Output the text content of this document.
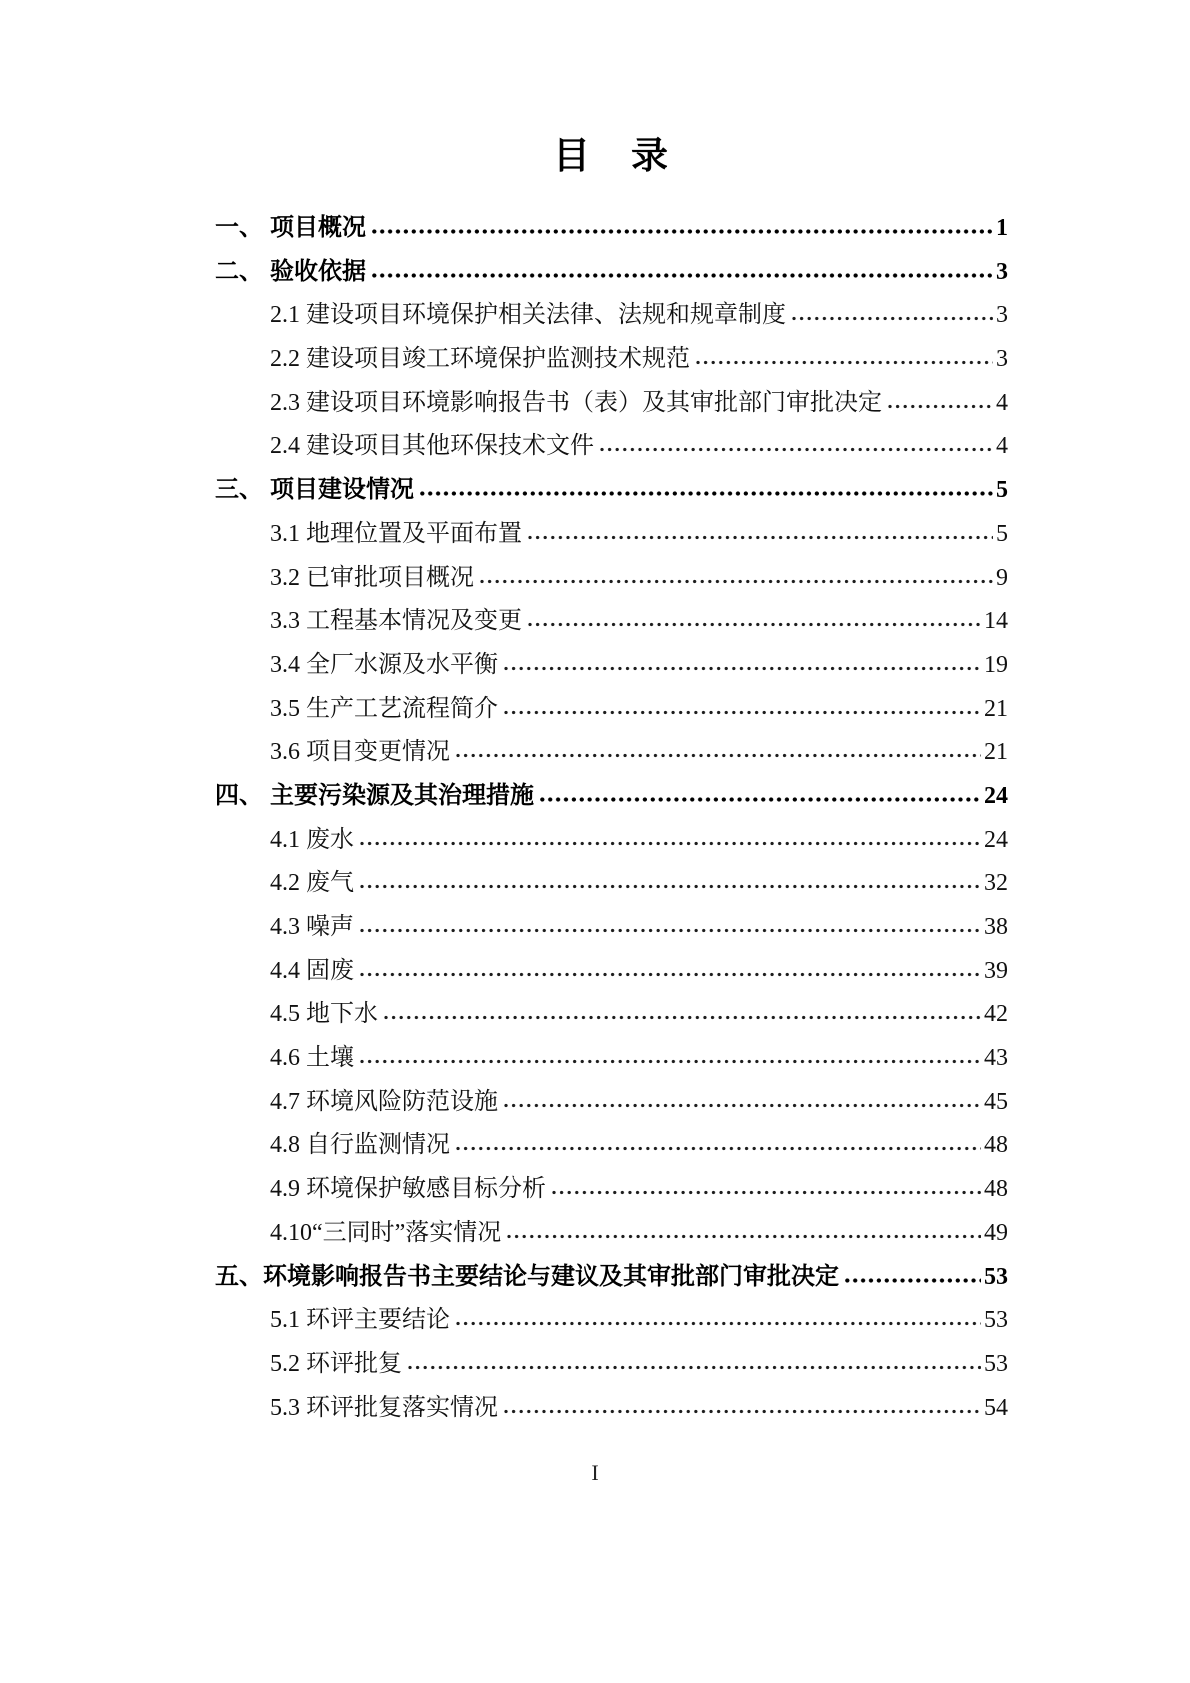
目　录
一、 项目概况	1
二、 验收依据	3
2.1 建设项目环境保护相关法律、法规和规章制度	3
2.2 建设项目竣工环境保护监测技术规范	3
2.3 建设项目环境影响报告书（表）及其审批部门审批决定	4
2.4 建设项目其他环保技术文件	4
三、 项目建设情况	5
3.1 地理位置及平面布置	5
3.2 已审批项目概况	9
3.3 工程基本情况及变更	14
3.4 全厂水源及水平衡	19
3.5 生产工艺流程简介	21
3.6 项目变更情况	21
四、 主要污染源及其治理措施	24
4.1 废水	24
4.2 废气	32
4.3 噪声	38
4.4 固废	39
4.5 地下水	42
4.6 土壤	43
4.7 环境风险防范设施	45
4.8 自行监测情况	48
4.9 环境保护敏感目标分析	48
4.10“三同时”落实情况	49
五、 环境影响报告书主要结论与建议及其审批部门审批决定	53
5.1 环评主要结论	53
5.2 环评批复	53
5.3 环评批复落实情况	54
I
